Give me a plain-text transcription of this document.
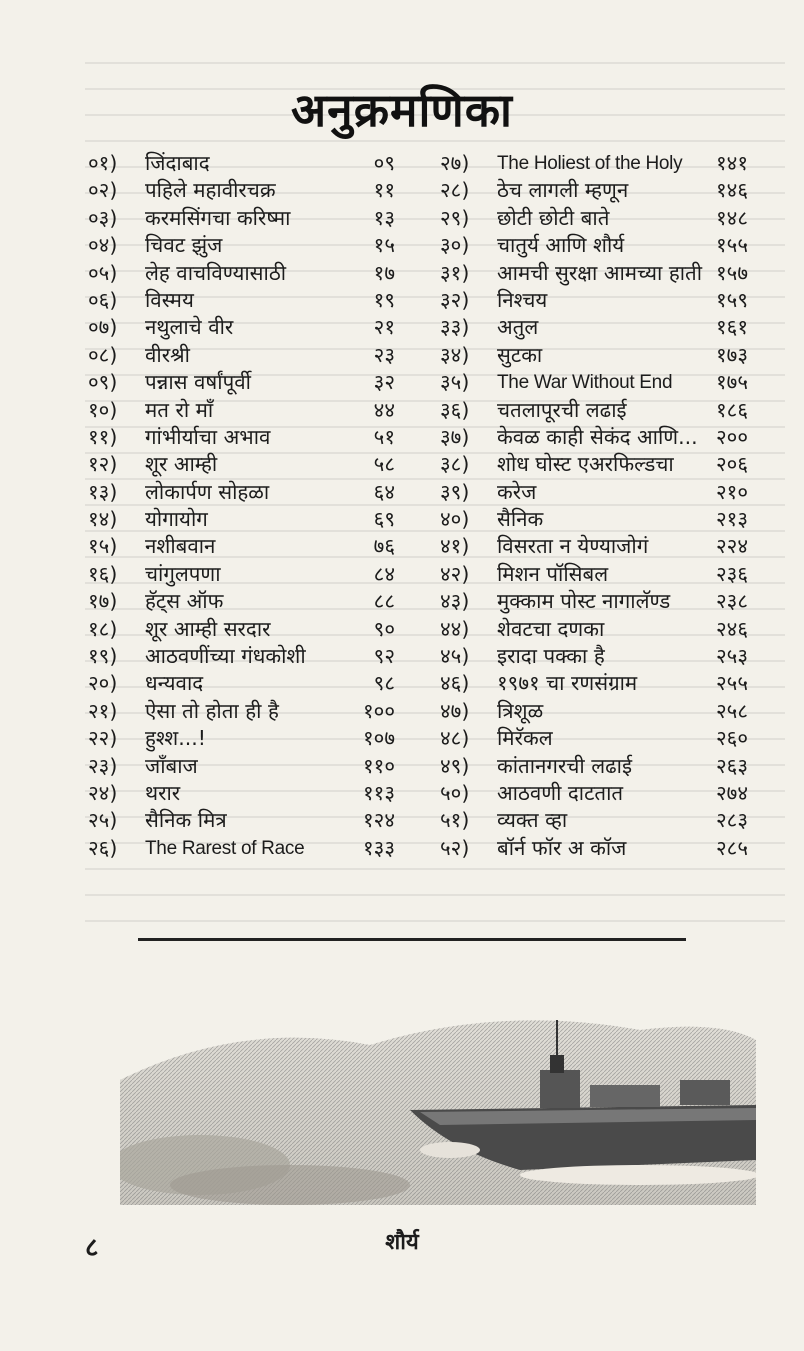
अनुक्रमणिका
०१) जिंदाबाद	०९
०२) पहिले महावीरचक्र	११
०३) करमसिंगचा करिष्मा	१३
०४) चिवट झुंज	१५
०५) लेह वाचविण्यासाठी	१७
०६) विस्मय	१९
०७) नथुलाचे वीर	२१
०८) वीरश्री	२३
०९) पन्नास वर्षांपूर्वी	३२
१०) मत रो माँ	४४
११) गांभीर्याचा अभाव	५१
१२) शूर आम्ही	५८
१३) लोकार्पण सोहळा	६४
१४) योगायोग	६९
१५) नशीबवान	७६
१६) चांगुलपणा	८४
१७) हॅट्स ऑफ	८८
१८) शूर आम्ही सरदार	९०
१९) आठवणींच्या गंधकोशी	९२
२०) धन्यवाद	९८
२१) ऐसा तो होता ही है	१००
२२) हुश्श...!	१०७
२३) जाँबाज	११०
२४) थरार	११३
२५) सैनिक मित्र	१२४
२६) The Rarest of Race	१३३
२७) The Holiest of the Holy १४१
२८) ठेच लागली म्हणून	१४६
२९) छोटी छोटी बाते	१४८
३०) चातुर्य आणि शौर्य	१५५
३१) आमची सुरक्षा आमच्या हाती १५७
३२) निश्चय	१५९
३३) अतुल	१६१
३४) सुटका	१७३
३५) The War Without End १७५
३६) चतलापूरची लढाई	१८६
३७) केवळ काही सेकंद आणि... २००
३८) शोध घोस्ट एअरफिल्डचा २०६
३९) करेज	२१०
४०) सैनिक	२१३
४१) विसरता न येण्याजोगं	२२४
४२) मिशन पॉसिबल	२३६
४३) मुक्काम पोस्ट नागालॅण्ड २३८
४४) शेवटचा दणका	२४६
४५) इरादा पक्का है	२५३
४६) १९७१ चा रणसंग्राम	२५५
४७) त्रिशूळ	२५८
४८) मिरॅकल	२६०
४९) कांतानगरची लढाई	२६३
५०) आठवणी दाटतात	२७४
५१) व्यक्त व्हा	२८३
५२) बॉर्न फॉर अ कॉज	२८५
८	शौर्य
